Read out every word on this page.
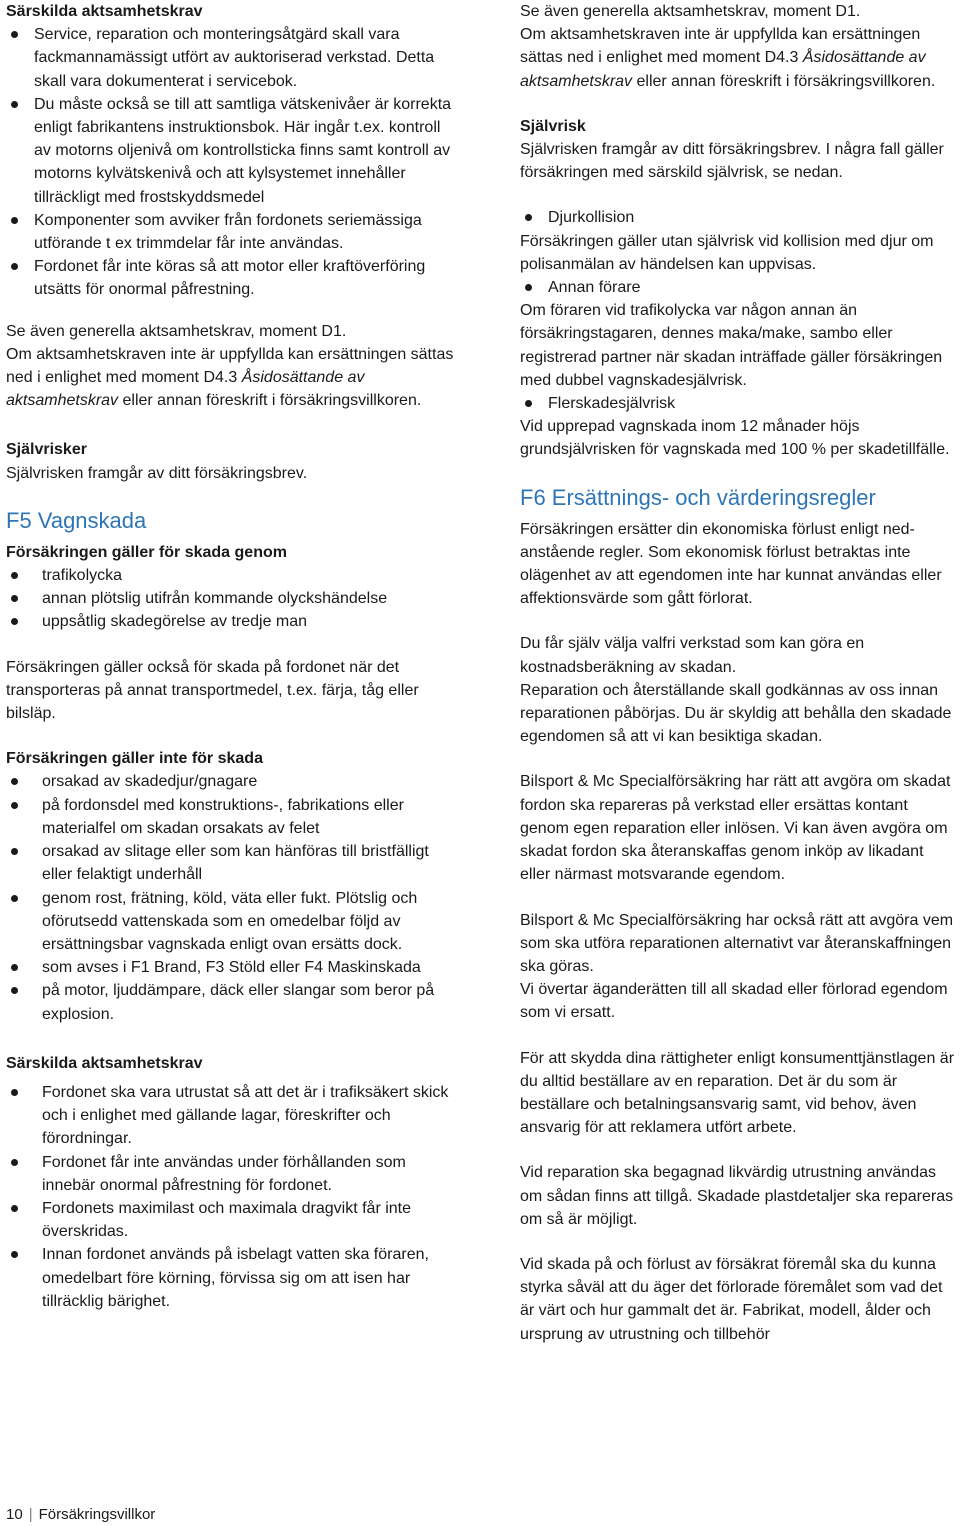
Särskilda aktsamhetskrav

Service, reparation och monteringsåtgärd skall vara fackmannamässigt utfört av auktoriserad verkstad. Detta skall vara dokumenterat i servicebok.
Du måste också se till att samtliga vätskenivåer är korrekta enligt fabrikantens instruktionsbok. Här ingår t.ex. kontroll av motorns oljenivå om kontrollsticka finns samt kontroll av motorns kylvätskenivå och att kylsystemet innehåller tillräckligt med frostskyddsmedel
Komponenter som avviker från fordonets seriemässiga utförande t ex trimmdelar får inte användas.
Fordonet får inte köras så att motor eller kraftöverföring utsätts för onormal påfrestning.

Se även generella aktsamhetskrav, moment D1.

Om aktsamhetskraven inte är uppfyllda kan ersättningen sättas ned i enlighet med moment D4.3 Åsidosättande av aktsamhetskrav eller annan föreskrift i försäkringsvillkoren.

Självrisker

Självrisken framgår av ditt försäkringsbrev.

F5 Vagnskada

Försäkringen gäller för skada genom

trafikolycka
annan plötslig utifrån kommande olyckshändelse
uppsåtlig skadegörelse av tredje man

Försäkringen gäller också för skada på fordonet när det transporteras på annat transportmedel, t.ex. färja, tåg eller bilsläp.

Försäkringen gäller inte för skada

orsakad av skadedjur/gnagare
på fordonsdel med konstruktions-, fabrikations eller materialfel om skadan orsakats av felet
orsakad av slitage eller som kan hänföras till bristfälligt eller felaktigt underhåll
genom rost, frätning, köld, väta eller fukt. Plötslig och oförutsedd vattenskada som en omedelbar följd av ersättningsbar vagnskada enligt ovan ersätts dock.
som avses i F1 Brand, F3 Stöld eller F4 Maskinskada
på motor, ljuddämpare, däck eller slangar som beror på explosion.

Särskilda aktsamhetskrav

Fordonet ska vara utrustat så att det är i trafiksäkert skick och i enlighet med gällande lagar, föreskrifter och förordningar.
Fordonet får inte användas under förhållanden som innebär onormal påfrestning för fordonet.
Fordonets maximilast och maximala dragvikt får inte överskridas.
Innan fordonet används på isbelagt vatten ska föraren, omedelbart före körning, förvissa sig om att isen har tillräcklig bärighet.

Se även generella aktsamhetskrav, moment D1.

Om aktsamhetskraven inte är uppfyllda kan ersättningen sättas ned i enlighet med moment D4.3 Åsidosättande av aktsamhetskrav eller annan föreskrift i försäkringsvillkoren.

Självrisk

Självrisken framgår av ditt försäkringsbrev. I några fall gäller försäkringen med särskild självrisk, se nedan.

Djurkollision

Försäkringen gäller utan självrisk vid kollision med djur om polisanmälan av händelsen kan uppvisas.

Annan förare

Om föraren vid trafikolycka var någon annan än försäkringstagaren, dennes maka/make, sambo eller registrerad partner när skadan inträffade gäller försäkringen med dubbel vagnskadesjälvrisk.

Flerskadesjälvrisk

Vid upprepad vagnskada inom 12 månader höjs grundsjälvrisken för vagnskada med 100 % per skadetillfälle.

F6 Ersättnings- och värderingsregler

Försäkringen ersätter din ekonomiska förlust enligt ned- anstående regler. Som ekonomisk förlust betraktas inte olägenhet av att egendomen inte har kunnat användas eller affektionsvärde som gått förlorat.

Du får själv välja valfri verkstad som kan göra en kostnadsberäkning av skadan.

Reparation och återställande skall godkännas av oss innan reparationen påbörjas. Du är skyldig att behålla den skadade egendomen så att vi kan besiktiga skadan.

Bilsport & Mc Specialförsäkring har rätt att avgöra om skadat fordon ska repareras på verkstad eller ersättas kontant genom egen reparation eller inlösen. Vi kan även avgöra om skadat fordon ska återanskaffas genom inköp av likadant eller närmast motsvarande egendom.

Bilsport & Mc Specialförsäkring har också rätt att avgöra vem som ska utföra reparationen alternativt var återanskaffningen ska göras.

Vi övertar äganderätten till all skadad eller förlorad egendom som vi ersatt.

För att skydda dina rättigheter enligt konsumenttjänstlagen är du alltid beställare av en reparation. Det är du som är beställare och betalningsansvarig samt, vid behov, även ansvarig för att reklamera utfört arbete.

Vid reparation ska begagnad likvärdig utrustning användas om sådan finns att tillgå. Skadade plastdetaljer ska repareras om så är möjligt.

Vid skada på och förlust av försäkrat föremål ska du kunna styrka såväl att du äger det förlorade föremålet som vad det är värt och hur gammalt det är. Fabrikat, modell, ålder och ursprung av utrustning och tillbehör

10 | Försäkringsvillkor
